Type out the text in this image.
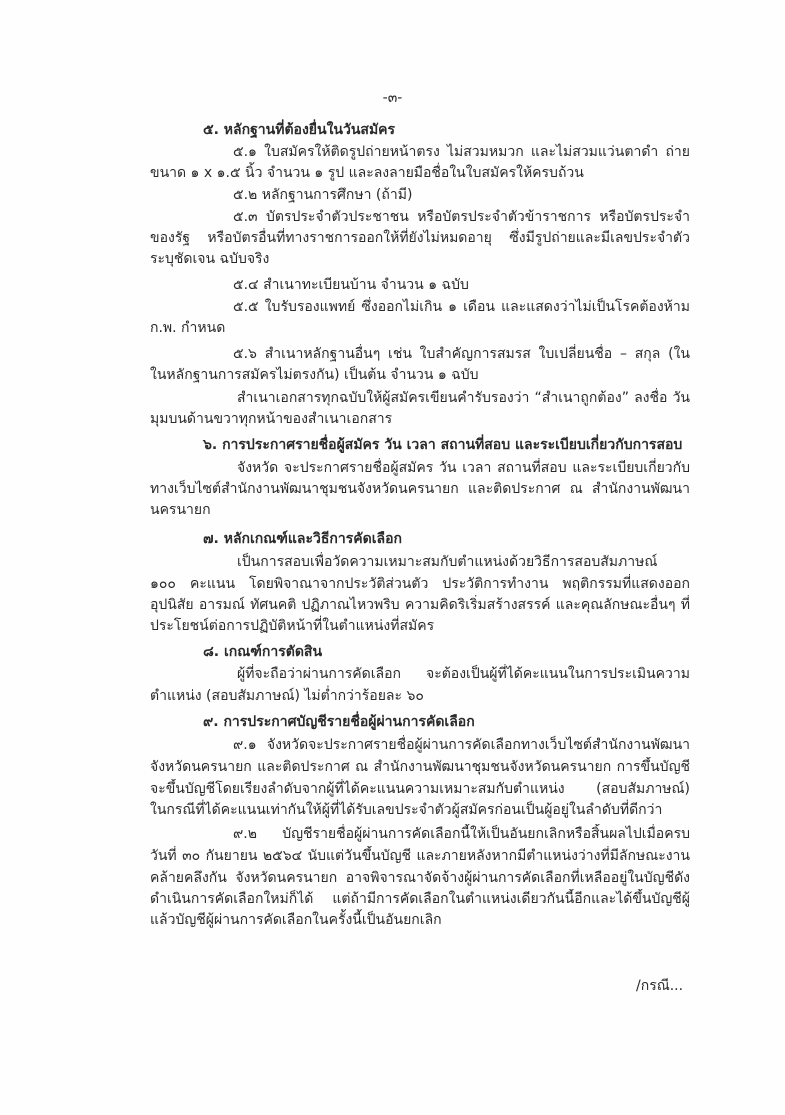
-๓-
๕. หลักฐานที่ต้องยื่นในวันสมัคร
๕.๑ ใบสมัครให้ติดรูปถ่ายหน้าตรง ไม่สวมหมวก และไม่สวมแว่นตาดำ ถ่าย
ขนาด ๑ x ๑.๕ นิ้ว จำนวน ๑ รูป และลงลายมือชื่อในใบสมัครให้ครบถ้วน
๕.๒ หลักฐานการศึกษา (ถ้ามี)
๕.๓ บัตรประจำตัวประชาชน หรือบัตรประจำตัวข้าราชการ หรือบัตรประจำ
ของรัฐ หรือบัตรอื่นที่ทางราชการออกให้ที่ยังไม่หมดอายุ ซึ่งมีรูปถ่ายและมีเลขประจำตัว
ระบุชัดเจน ฉบับจริง
๕.๔ สำเนาทะเบียนบ้าน จำนวน ๑ ฉบับ
๕.๕ ใบรับรองแพทย์ ซึ่งออกไม่เกิน ๑ เดือน และแสดงว่าไม่เป็นโรคต้องห้าม
ก.พ. กำหนด
๕.๖ สำเนาหลักฐานอื่นๆ เช่น ใบสำคัญการสมรส ใบเปลี่ยนชื่อ – สกุล (ใน
ในหลักฐานการสมัครไม่ตรงกัน) เป็นต้น จำนวน ๑ ฉบับ
สำเนาเอกสารทุกฉบับให้ผู้สมัครเขียนคำรับรองว่า “สำเนาถูกต้อง” ลงชื่อ วัน
มุมบนด้านขวาทุกหน้าของสำเนาเอกสาร
๖. การประกาศรายชื่อผู้สมัคร วัน เวลา สถานที่สอบ และระเบียบเกี่ยวกับการสอบ
จังหวัด จะประกาศรายชื่อผู้สมัคร วัน เวลา สถานที่สอบ และระเบียบเกี่ยวกับ
ทางเว็บไซต์สำนักงานพัฒนาชุมชนจังหวัดนครนายก และติดประกาศ ณ สำนักงานพัฒนา
นครนายก
๗. หลักเกณฑ์และวิธีการคัดเลือก
เป็นการสอบเพื่อวัดความเหมาะสมกับตำแหน่งด้วยวิธีการสอบสัมภาษณ์
๑๐๐ คะแนน โดยพิจาณาจากประวัติส่วนตัว ประวัติการทำงาน พฤติกรรมที่แสดงออก
อุปนิสัย อารมณ์ ทัศนคติ ปฏิภาณไหวพริบ ความคิดริเริ่มสร้างสรรค์ และคุณลักษณะอื่นๆ ที่
ประโยชน์ต่อการปฏิบัติหน้าที่ในตำแหน่งที่สมัคร
๘. เกณฑ์การตัดสิน
ผู้ที่จะถือว่าผ่านการคัดเลือก จะต้องเป็นผู้ที่ได้คะแนนในการประเมินความ
ตำแหน่ง (สอบสัมภาษณ์) ไม่ต่ำกว่าร้อยละ ๖๐
๙. การประกาศบัญชีรายชื่อผู้ผ่านการคัดเลือก
๙.๑ จังหวัดจะประกาศรายชื่อผู้ผ่านการคัดเลือกทางเว็บไซต์สำนักงานพัฒนา
จังหวัดนครนายก และติดประกาศ ณ สำนักงานพัฒนาชุมชนจังหวัดนครนายก การขึ้นบัญชี
จะขึ้นบัญชีโดยเรียงลำดับจากผู้ที่ได้คะแนนความเหมาะสมกับตำแหน่ง (สอบสัมภาษณ์)
ในกรณีที่ได้คะแนนเท่ากันให้ผู้ที่ได้รับเลขประจำตัวผู้สมัครก่อนเป็นผู้อยู่ในลำดับที่ดีกว่า
๙.๒ บัญชีรายชื่อผู้ผ่านการคัดเลือกนี้ให้เป็นอันยกเลิกหรือสิ้นผลไปเมื่อครบ
วันที่ ๓๐ กันยายน ๒๕๖๔ นับแต่วันขึ้นบัญชี และภายหลังหากมีตำแหน่งว่างที่มีลักษณะงาน
คล้ายคลึงกัน จังหวัดนครนายก อาจพิจารณาจัดจ้างผู้ผ่านการคัดเลือกที่เหลืออยู่ในบัญชีดัง
ดำเนินการคัดเลือกใหม่ก็ได้ แต่ถ้ามีการคัดเลือกในตำแหน่งเดียวกันนี้อีกและได้ขึ้นบัญชีผู้
แล้วบัญชีผู้ผ่านการคัดเลือกในครั้งนี้เป็นอันยกเลิก
/กรณี...
